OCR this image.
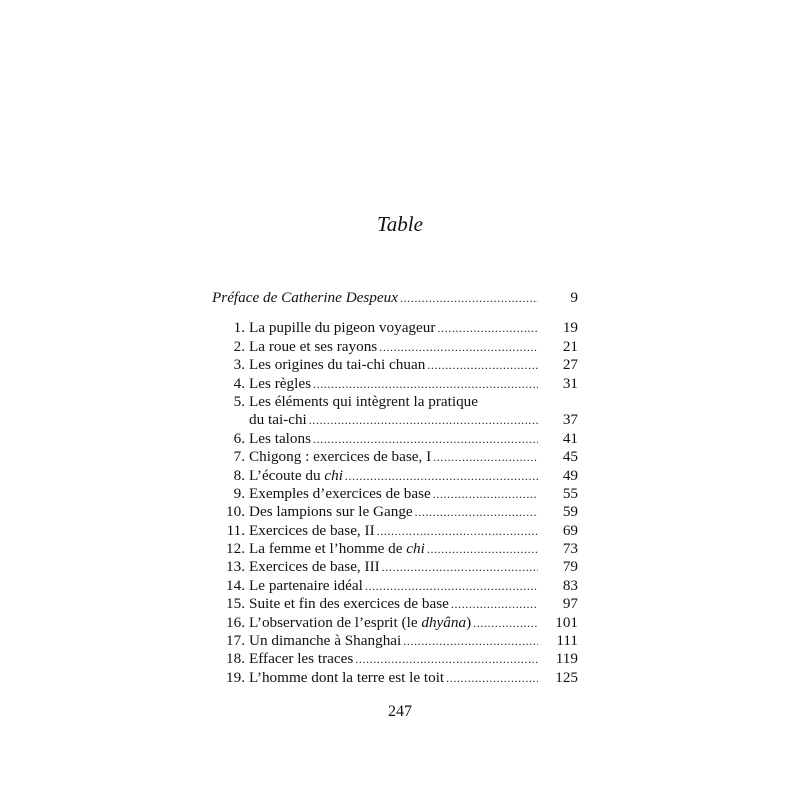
Table
Préface de Catherine Despeux .....	9
1. La pupille du pigeon voyageur .....	19
2. La roue et ses rayons .....	21
3. Les origines du tai-chi chuan .....	27
4. Les règles .....	31
5. Les éléments qui intègrent la pratique
du tai-chi .....	37
6. Les talons .....	41
7. Chigong : exercices de base, I .....	45
8. L’écoute du chi .....	49
9. Exemples d’exercices de base .....	55
10. Des lampions sur le Gange .....	59
11. Exercices de base, II .....	69
12. La femme et l’homme de chi .....	73
13. Exercices de base, III .....	79
14. Le partenaire idéal .....	83
15. Suite et fin des exercices de base .....	97
16. L’observation de l’esprit (le dhyâna) .....	101
17. Un dimanche à Shanghai .....	111
18. Effacer les traces .....	119
19. L’homme dont la terre est le toit .....	125
247
